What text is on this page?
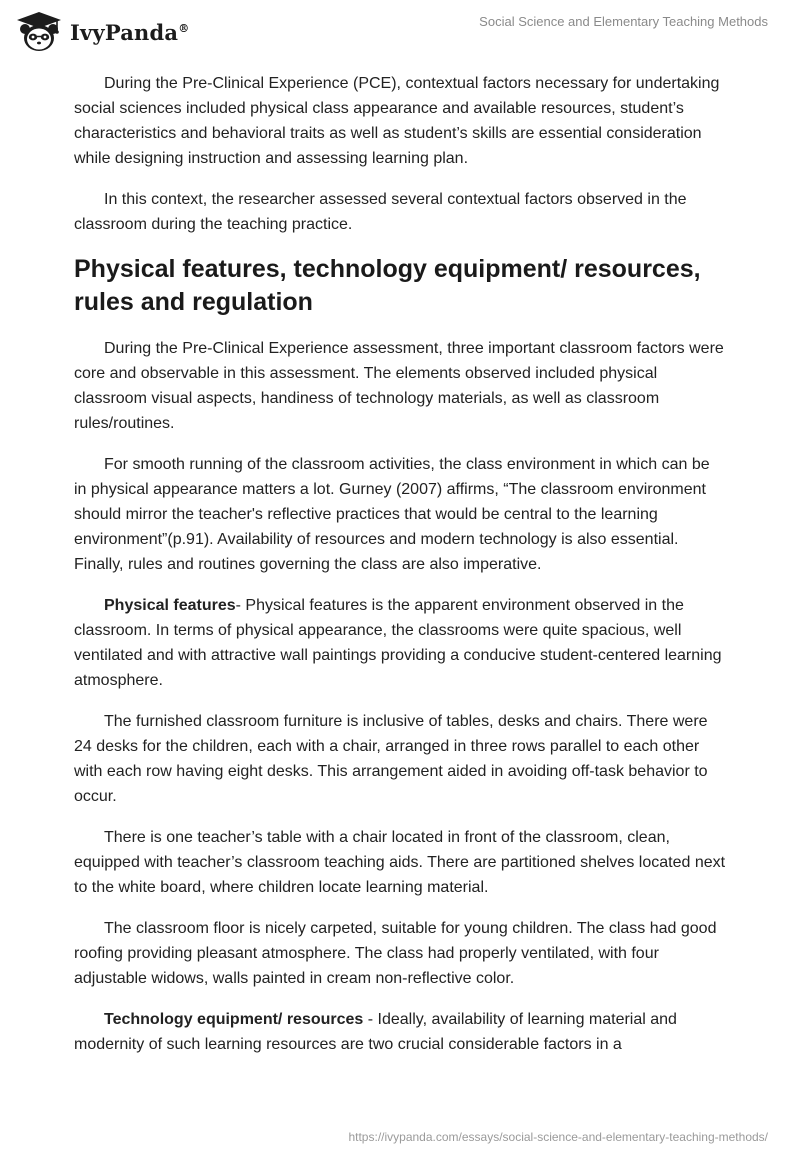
IvyPanda®	Social Science and Elementary Teaching Methods

During the Pre-Clinical Experience (PCE), contextual factors necessary for undertaking social sciences included physical class appearance and available resources, student’s characteristics and behavioral traits as well as student’s skills are essential consideration while designing instruction and assessing learning plan.

In this context, the researcher assessed several contextual factors observed in the classroom during the teaching practice.

Physical features, technology equipment/ resources, rules and regulation

During the Pre-Clinical Experience assessment, three important classroom factors were core and observable in this assessment. The elements observed included physical classroom visual aspects, handiness of technology materials, as well as classroom rules/routines.

For smooth running of the classroom activities, the class environment in which can be in physical appearance matters a lot. Gurney (2007) affirms, “The classroom environment should mirror the teacher's reflective practices that would be central to the learning environment”(p.91). Availability of resources and modern technology is also essential. Finally, rules and routines governing the class are also imperative.

Physical features- Physical features is the apparent environment observed in the classroom. In terms of physical appearance, the classrooms were quite spacious, well ventilated and with attractive wall paintings providing a conducive student-centered learning atmosphere.

The furnished classroom furniture is inclusive of tables, desks and chairs. There were 24 desks for the children, each with a chair, arranged in three rows parallel to each other with each row having eight desks. This arrangement aided in avoiding off-task behavior to occur.

There is one teacher’s table with a chair located in front of the classroom, clean, equipped with teacher’s classroom teaching aids. There are partitioned shelves located next to the white board, where children locate learning material.

The classroom floor is nicely carpeted, suitable for young children. The class had good roofing providing pleasant atmosphere. The class had properly ventilated, with four adjustable widows, walls painted in cream non-reflective color.

Technology equipment/ resources - Ideally, availability of learning material and modernity of such learning resources are two crucial considerable factors in a

https://ivypanda.com/essays/social-science-and-elementary-teaching-methods/
